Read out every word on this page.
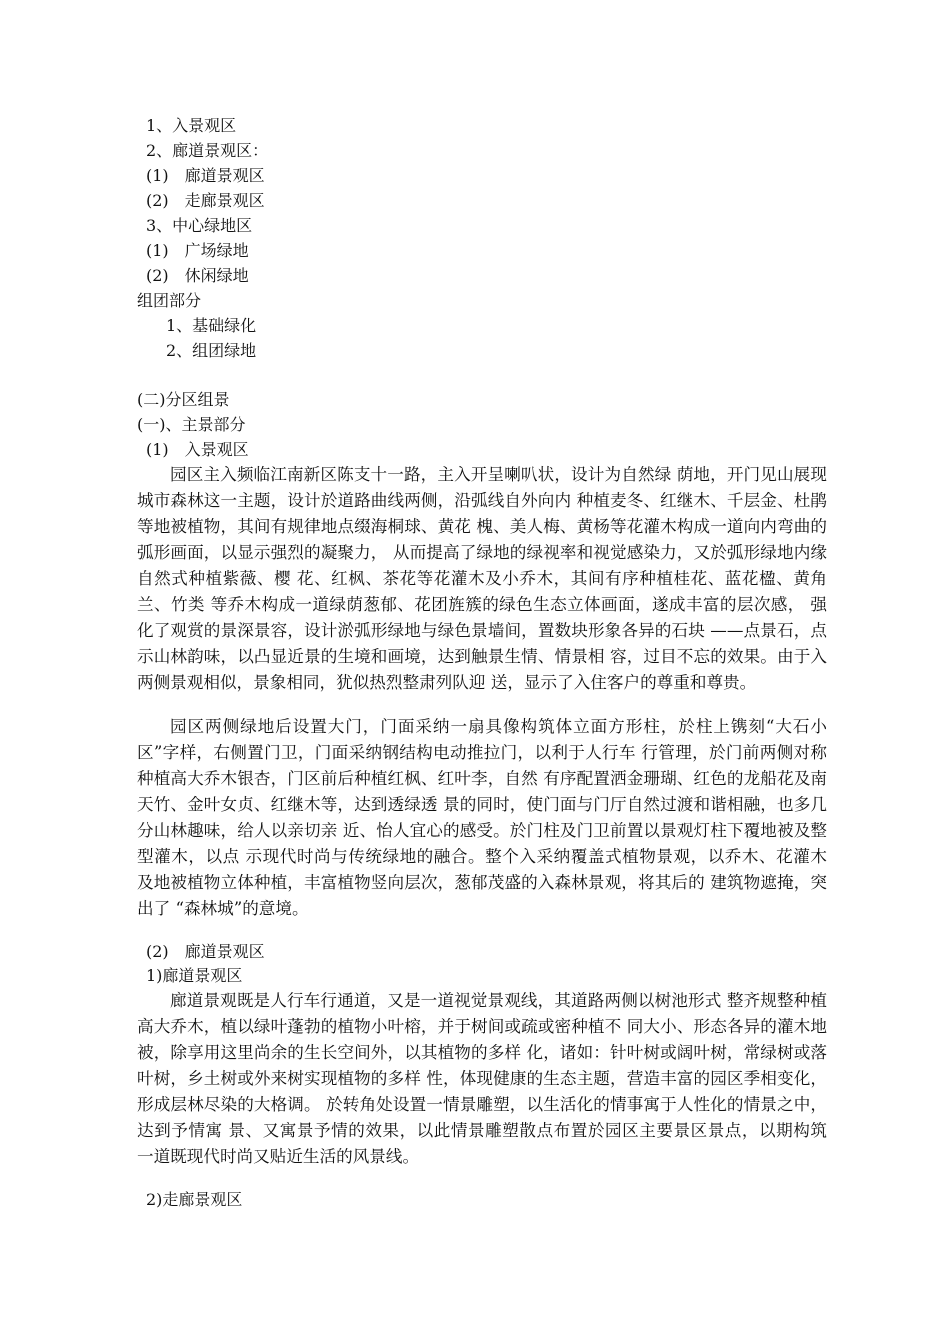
1、入景观区
2、廊道景观区：
(1)　廊道景观区
(2)　走廊景观区
3、中心绿地区
(1)　广场绿地
(2)　休闲绿地
组团部分
1、基础绿化
2、组团绿地
(二)分区组景
(一)、主景部分
(1)　入景观区

园区主入频临江南新区陈支十一路，主入开呈喇叭状，设计为自然绿 荫地，开门见山展现城市森林这一主题，设计於道路曲线两侧，沿弧线自外向内 种植麦冬、红继木、千层金、杜鹃等地被植物，其间有规律地点缀海桐球、黄花 槐、美人梅、黄杨等花灌木构成一道向内弯曲的弧形画面，以显示强烈的凝聚力， 从而提高了绿地的绿视率和视觉感染力，又於弧形绿地内缘自然式种植紫薇、樱 花、红枫、茶花等花灌木及小乔木，其间有序种植桂花、蓝花楹、黄角兰、竹类 等乔木构成一道绿荫葱郁、花团旌簇的绿色生态立体画面，遂成丰富的层次感， 强化了观赏的景深景容，设计淤弧形绿地与绿色景墙间，置数块形象各异的石块 ——点景石，点示山林韵味，以凸显近景的生境和画境，达到触景生情、情景相 容，过目不忘的效果。由于入两侧景观相似，景象相同，犹似热烈整肃列队迎 送，显示了入住客户的尊重和尊贵。

园区两侧绿地后设置大门，门面采纳一扇具像构筑体立面方形柱，於柱上镌刻“大石小区”字样，右侧置门卫，门面采纳钢结构电动推拉门，以利于人行车 行管理，於门前两侧对称种植高大乔木银杏，门区前后种植红枫、红叶李，自然 有序配置洒金珊瑚、红色的龙船花及南天竹、金叶女贞、红继木等，达到透绿透 景的同时，使门面与门厅自然过渡和谐相融，也多几分山林趣味，给人以亲切亲 近、怡人宜心的感受。於门柱及门卫前置以景观灯柱下覆地被及整型灌木，以点 示现代时尚与传统绿地的融合。整个入采纳覆盖式植物景观，以乔木、花灌木 及地被植物立体种植，丰富植物竖向层次，葱郁茂盛的入森林景观，将其后的 建筑物遮掩，突出了 “森林城”的意境。

(2)　廊道景观区
1)廊道景观区

廊道景观既是人行车行通道，又是一道视觉景观线，其道路两侧以树池形式 整齐规整种植高大乔木，植以绿叶蓬勃的植物小叶榕，并于树间或疏或密种植不 同大小、形态各异的灌木地被，除享用这里尚余的生长空间外，以其植物的多样 化，诸如：针叶树或阔叶树，常绿树或落叶树，乡土树或外来树实现植物的多样 性，体现健康的生态主题，营造丰富的园区季相变化，形成层林尽染的大格调。 於转角处设置一情景雕塑，以生活化的情事寓于人性化的情景之中，达到予情寓 景、又寓景予情的效果，以此情景雕塑散点布置於园区主要景区景点，以期构筑 一道既现代时尚又贴近生活的风景线。

2)走廊景观区
